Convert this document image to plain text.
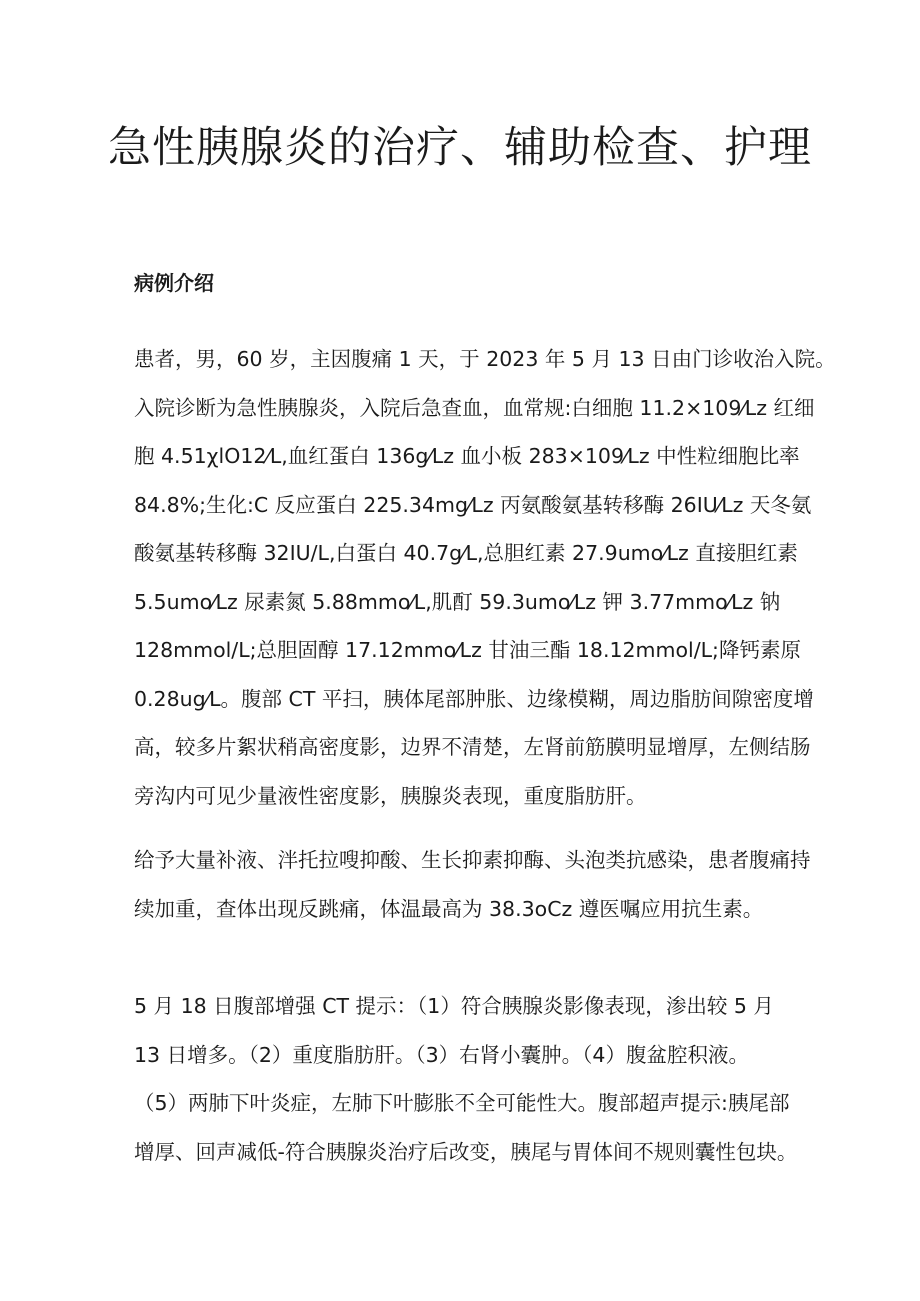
急性胰腺炎的治疗、辅助检查、护理
病例介绍

患者，男，60 岁，主因腹痛 1 天，于 2023 年 5 月 13 日由门诊收治入院。
入院诊断为急性胰腺炎，入院后急查血，血常规:白细胞 11.2×109⁄Lz 红细
胞 4.51χlO12⁄L,血红蛋白 136g⁄Lz 血小板 283×109⁄Lz 中性粒细胞比率
84.8%;生化:C 反应蛋白 225.34mg⁄Lz 丙氨酸氨基转移酶 26IU⁄Lz 天冬氨
酸氨基转移酶 32IU/L,白蛋白 40.7g⁄L,总胆红素 27.9umo⁄Lz 直接胆红素
5.5umo⁄Lz 尿素氮 5.88mmo⁄L,肌酊 59.3umo⁄Lz 钾 3.77mmo⁄Lz 钠
128mmol/L;总胆固醇 17.12mmo⁄Lz 甘油三酯 18.12mmol/L;降钙素原
0.28ug⁄L。腹部 CT 平扫，胰体尾部肿胀、边缘模糊，周边脂肪间隙密度增
高，较多片絮状稍高密度影，边界不清楚，左肾前筋膜明显增厚，左侧结肠
旁沟内可见少量液性密度影，胰腺炎表现，重度脂肪肝。

给予大量补液、泮托拉嗖抑酸、生长抑素抑酶、头泡类抗感染，患者腹痛持
续加重，查体出现反跳痛，体温最高为 38.3oCz 遵医嘱应用抗生素。

5 月 18 日腹部增强 CT 提示：（1）符合胰腺炎影像表现，渗出较 5 月
13 日增多。（2）重度脂肪肝。（3）右肾小囊肿。（4）腹盆腔积液。
（5）两肺下叶炎症，左肺下叶膨胀不全可能性大。腹部超声提示:胰尾部
增厚、回声减低-符合胰腺炎治疗后改变，胰尾与胃体间不规则囊性包块。
